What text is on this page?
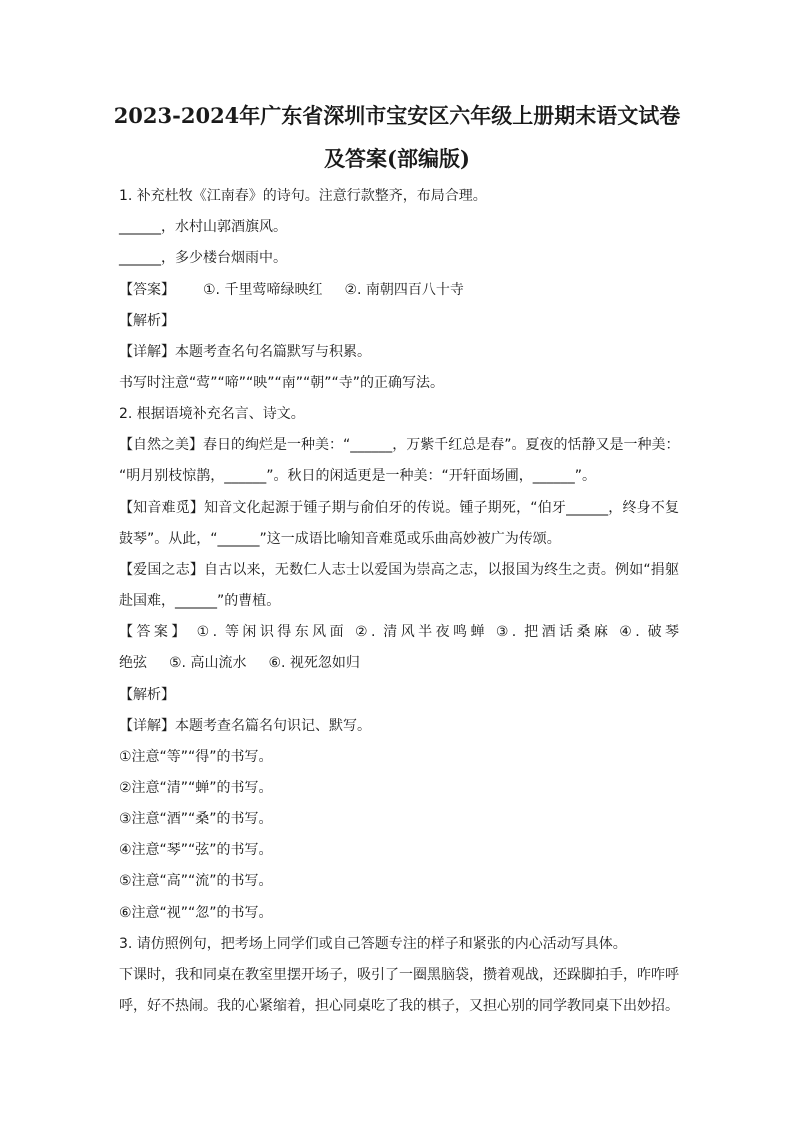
2023-2024年广东省深圳市宝安区六年级上册期末语文试卷
及答案(部编版)
1. 补充杜牧《江南春》的诗句。注意行款整齐，布局合理。
______，水村山郭酒旗风。
______，多少楼台烟雨中。
【答案】 ①. 千里莺啼绿映红 ②. 南朝四百八十寺
【解析】
【详解】本题考查名句名篇默写与积累。
书写时注意“莺”“啼”“映”“南”“朝”“寺”的正确写法。
2. 根据语境补充名言、诗文。
【自然之美】春日的绚烂是一种美：“______，万紫千红总是春”。夏夜的恬静又是一种美：
“明月别枝惊鹊，______”。秋日的闲适更是一种美：“开轩面场圃，______”。
【知音难觅】知音文化起源于锺子期与俞伯牙的传说。锺子期死，“伯牙______，终身不复
鼓琴”。从此，“______”这一成语比喻知音难觅或乐曲高妙被广为传颂。
【爱国之志】自古以来，无数仁人志士以爱国为崇高之志，以报国为终生之责。例如“捐躯
赴国难，______”的曹植。
【答案】 ①. 等闲识得东风面 ②. 清风半夜鸣蝉 ③. 把酒话桑麻 ④. 破琴
绝弦 ⑤. 高山流水 ⑥. 视死忽如归
【解析】
【详解】本题考查名篇名句识记、默写。
①注意“等”“得”的书写。
②注意“清”“蝉”的书写。
③注意“酒”“桑”的书写。
④注意“琴”“弦”的书写。
⑤注意“高”“流”的书写。
⑥注意“视”“忽”的书写。
3. 请仿照例句，把考场上同学们或自己答题专注的样子和紧张的内心活动写具体。
下课时，我和同桌在教室里摆开场子，吸引了一圈黑脑袋，攒着观战，还跺脚拍手，咋咋呼
呼，好不热闹。我的心紧缩着，担心同桌吃了我的棋子，又担心别的同学教同桌下出妙招。
